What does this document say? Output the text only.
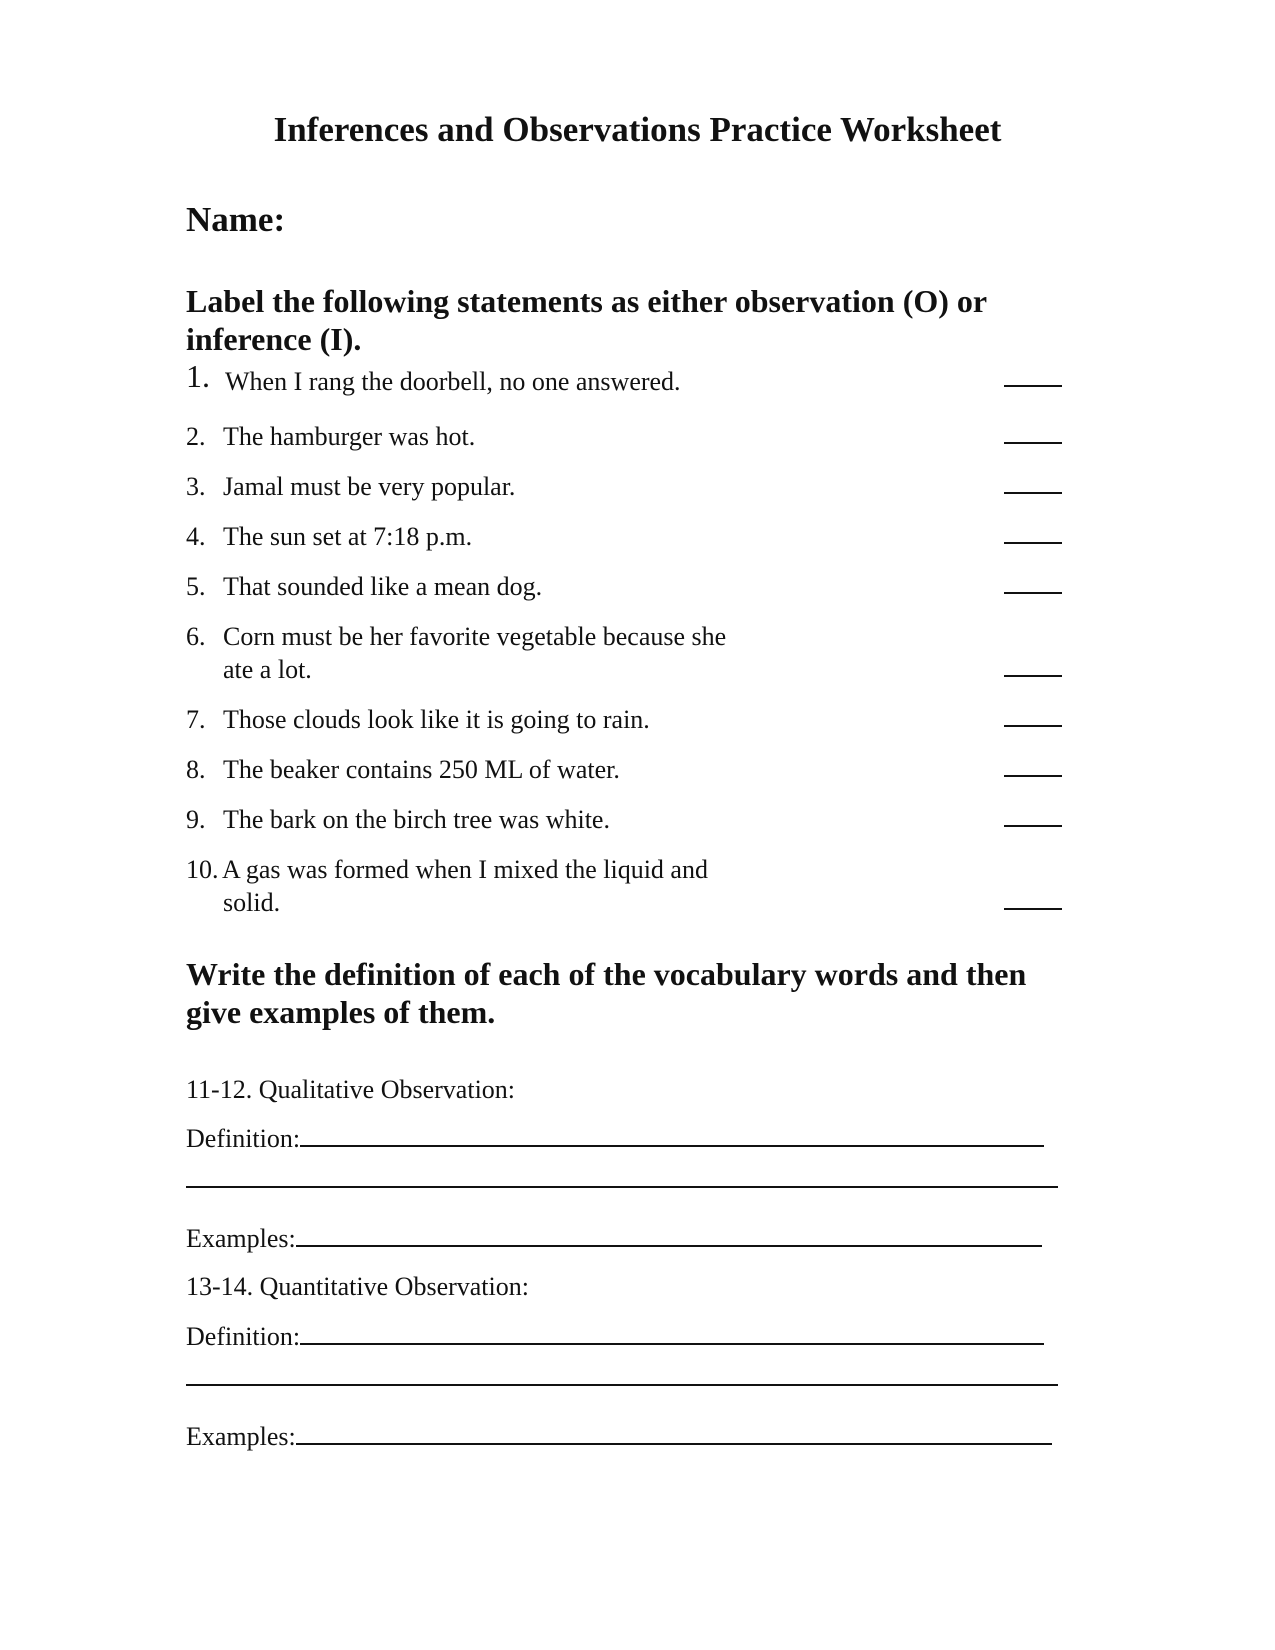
Inferences and Observations Practice Worksheet
Name:
Label the following statements as either observation (O) or
inference (I).
1. When I rang the doorbell, no one answered.
2. The hamburger was hot.
3. Jamal must be very popular.
4. The sun set at 7:18 p.m.
5. That sounded like a mean dog.
6. Corn must be her favorite vegetable because she
ate a lot.
7. Those clouds look like it is going to rain.
8. The beaker contains 250 ML of water.
9. The bark on the birch tree was white.
10. A gas was formed when I mixed the liquid and
solid.
Write the definition of each of the vocabulary words and then
give examples of them.
11-12. Qualitative Observation:
Definition:
Examples:
13-14. Quantitative Observation:
Definition:
Examples:
